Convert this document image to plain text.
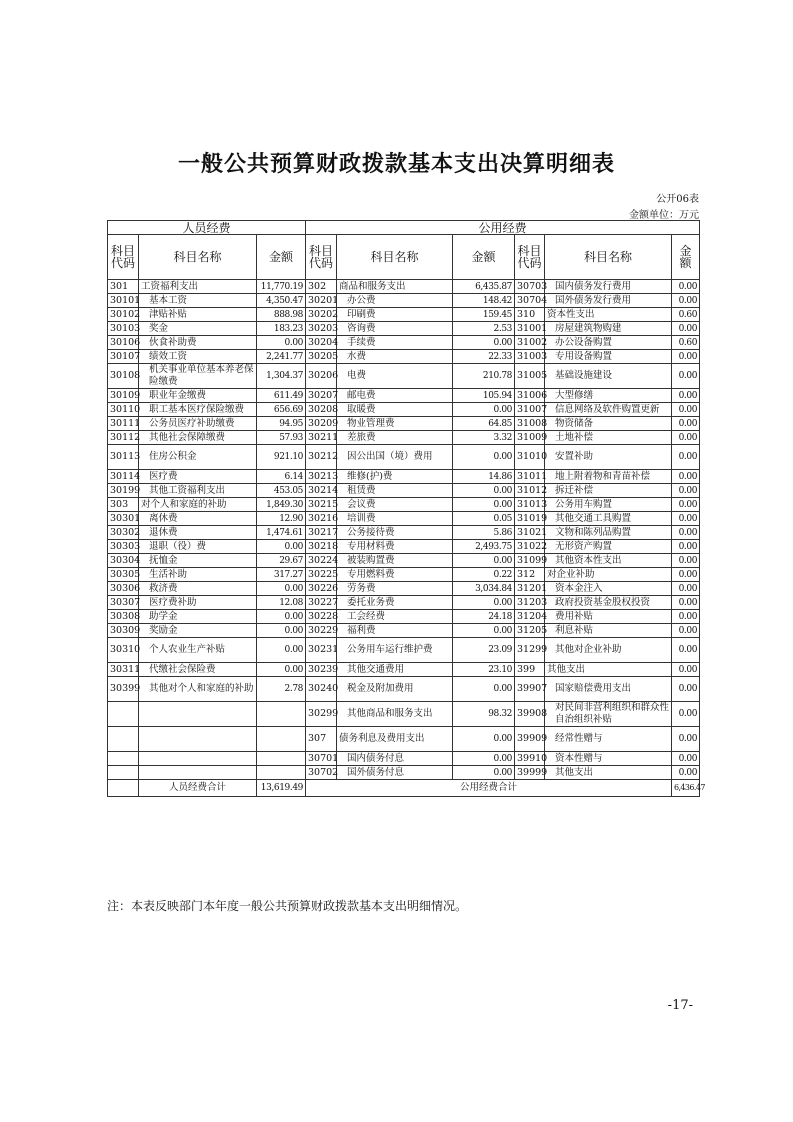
一般公共预算财政拨款基本支出决算明细表
公开06表
金额单位：万元
人员经费			公用经费					
科目代码	科目名称	金额	科目代码	科目名称	金额	科目代码	科目名称	金额
301	工资福利支出	11,770.19	302	商品和服务支出	6,435.87	30703	国内债务发行费用	0.00
30101	基本工资	4,350.47	30201	办公费	148.42	30704	国外债务发行费用	0.00
30102	津贴补贴	888.98	30202	印刷费	159.45	310	资本性支出	0.60
30103	奖金	183.23	30203	咨询费	2.53	31001	房屋建筑物购建	0.00
30106	伙食补助费	0.00	30204	手续费	0.00	31002	办公设备购置	0.60
30107	绩效工资	2,241.77	30205	水费	22.33	31003	专用设备购置	0.00
30108	机关事业单位基本养老保险缴费	1,304.37	30206	电费	210.78	31005	基础设施建设	0.00
30109	职业年金缴费	611.49	30207	邮电费	105.94	31006	大型修缮	0.00
30110	职工基本医疗保险缴费	656.69	30208	取暖费	0.00	31007	信息网络及软件购置更新	0.00
30111	公务员医疗补助缴费	94.95	30209	物业管理费	64.85	31008	物资储备	0.00
30112	其他社会保障缴费	57.93	30211	差旅费	3.32	31009	土地补偿	0.00
30113	住房公积金	921.10	30212	因公出国（境）费用	0.00	31010	安置补助	0.00
30114	医疗费	6.14	30213	维修(护)费	14.86	31011	地上附着物和青苗补偿	0.00
30199	其他工资福利支出	453.05	30214	租赁费	0.00	31012	拆迁补偿	0.00
303	对个人和家庭的补助	1,849.30	30215	会议费	0.00	31013	公务用车购置	0.00
30301	离休费	12.90	30216	培训费	0.05	31019	其他交通工具购置	0.00
30302	退休费	1,474.61	30217	公务接待费	5.86	31021	文物和陈列品购置	0.00
30303	退职（役）费	0.00	30218	专用材料费	2,493.75	31022	无形资产购置	0.00
30304	抚恤金	29.67	30224	被装购置费	0.00	31099	其他资本性支出	0.00
30305	生活补助	317.27	30225	专用燃料费	0.22	312	对企业补助	0.00
30306	救济费	0.00	30226	劳务费	3,034.84	31201	资本金注入	0.00
30307	医疗费补助	12.08	30227	委托业务费	0.00	31203	政府投资基金股权投资	0.00
30308	助学金	0.00	30228	工会经费	24.18	31204	费用补贴	0.00
30309	奖励金	0.00	30229	福利费	0.00	31205	利息补贴	0.00
30310	个人农业生产补贴	0.00	30231	公务用车运行维护费	23.09	31299	其他对企业补助	0.00
30311	代缴社会保险费	0.00	30239	其他交通费用	23.10	399	其他支出	0.00
30399	其他对个人和家庭的补助	2.78	30240	税金及附加费用	0.00	39907	国家赔偿费用支出	0.00
			30299	其他商品和服务支出	98.32	39908	对民间非营利组织和群众性自治组织补贴	0.00
			307	债务利息及费用支出	0.00	39909	经常性赠与	0.00
			30701	国内债务付息	0.00	39910	资本性赠与	0.00
			30702	国外债务付息	0.00	39999	其他支出	0.00
	人员经费合计	13,619.49	公用经费合计					6,436.47
注：本表反映部门本年度一般公共预算财政拨款基本支出明细情况。
-17-
